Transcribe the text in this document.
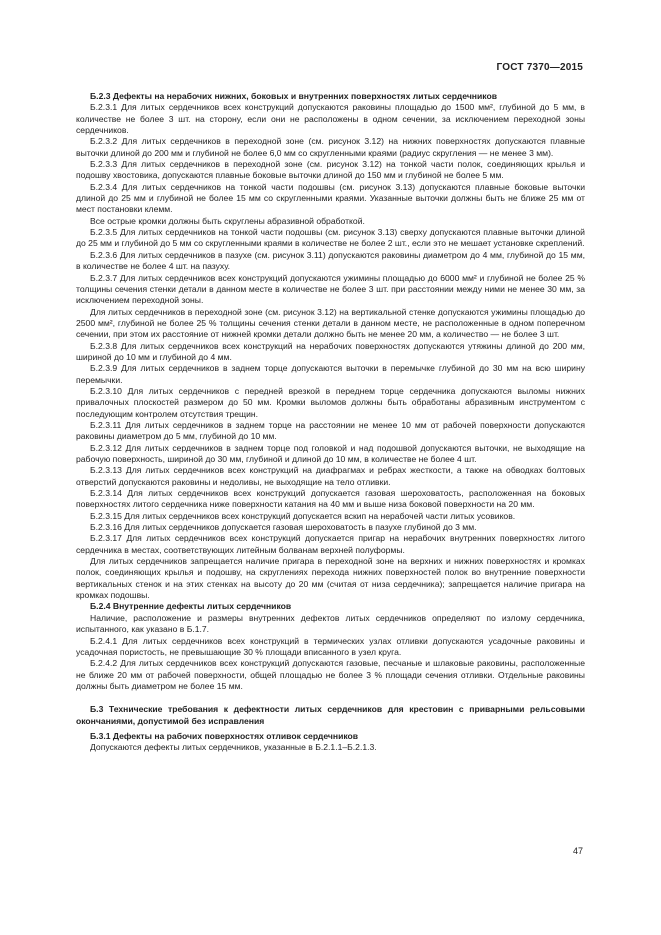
ГОСТ 7370—2015

Б.2.3 Дефекты на нерабочих нижних, боковых и внутренних поверхностях литых сердечников

Б.2.3.1 Для литых сердечников всех конструкций допускаются раковины площадью до 1500 мм², глубиной до 5 мм, в количестве не более 3 шт. на сторону, если они не расположены в одном сечении, за исключением переходной зоны сердечников.

Б.2.3.2 Для литых сердечников в переходной зоне (см. рисунок 3.12) на нижних поверхностях допускаются плавные выточки длиной до 200 мм и глубиной не более 6,0 мм со скругленными краями (радиус скругления — не менее 3 мм).

Б.2.3.3 Для литых сердечников в переходной зоне (см. рисунок 3.12) на тонкой части полок, соединяющих крылья и подошву хвостовика, допускаются плавные боковые выточки длиной до 150 мм и глубиной не более 5 мм.

Б.2.3.4 Для литых сердечников на тонкой части подошвы (см. рисунок 3.13) допускаются плавные боковые выточки длиной до 25 мм и глубиной не более 15 мм со скругленными краями. Указанные выточки должны быть не ближе 25 мм от мест постановки клемм.

Все острые кромки должны быть скруглены абразивной обработкой.

Б.2.3.5 Для литых сердечников на тонкой части подошвы (см. рисунок 3.13) сверху допускаются плавные выточки длиной до 25 мм и глубиной до 5 мм со скругленными краями в количестве не более 2 шт., если это не мешает установке скреплений.

Б.2.3.6 Для литых сердечников в пазухе (см. рисунок 3.11) допускаются раковины диаметром до 4 мм, глубиной до 15 мм, в количестве не более 4 шт. на пазуху.

Б.2.3.7 Для литых сердечников всех конструкций допускаются ужимины площадью до 6000 мм² и глубиной не более 25 % толщины сечения стенки детали в данном месте в количестве не более 3 шт. при расстоянии между ними не менее 30 мм, за исключением переходной зоны.

Для литых сердечников в переходной зоне (см. рисунок 3.12) на вертикальной стенке допускаются ужимины площадью до 2500 мм², глубиной не более 25 % толщины сечения стенки детали в данном месте, не расположенные в одном поперечном сечении, при этом их расстояние от нижней кромки детали должно быть не менее 20 мм, а количество — не более 3 шт.

Б.2.3.8 Для литых сердечников всех конструкций на нерабочих поверхностях допускаются утяжины длиной до 200 мм, шириной до 10 мм и глубиной до 4 мм.

Б.2.3.9 Для литых сердечников в заднем торце допускаются выточки в перемычке глубиной до 30 мм на всю ширину перемычки.

Б.2.3.10 Для литых сердечников с передней врезкой в переднем торце сердечника допускаются выломы нижних привалочных плоскостей размером до 50 мм. Кромки выломов должны быть обработаны абразивным инструментом с последующим контролем отсутствия трещин.

Б.2.3.11 Для литых сердечников в заднем торце на расстоянии не менее 10 мм от рабочей поверхности допускаются раковины диаметром до 5 мм, глубиной до 10 мм.

Б.2.3.12 Для литых сердечников в заднем торце под головкой и над подошвой допускаются выточки, не выходящие на рабочую поверхность, шириной до 30 мм, глубиной и длиной до 10 мм, в количестве не более 4 шт.

Б.2.3.13 Для литых сердечников всех конструкций на диафрагмах и ребрах жесткости, а также на обводках болтовых отверстий допускаются раковины и недоливы, не выходящие на тело отливки.

Б.2.3.14 Для литых сердечников всех конструкций допускается газовая шероховатость, расположенная на боковых поверхностях литого сердечника ниже поверхности катания на 40 мм и выше низа боковой поверхности на 20 мм.

Б.2.3.15 Для литых сердечников всех конструкций допускается вскип на нерабочей части литых усовиков.

Б.2.3.16 Для литых сердечников допускается газовая шероховатость в пазухе глубиной до 3 мм.

Б.2.3.17 Для литых сердечников всех конструкций допускается пригар на нерабочих внутренних поверхностях литого сердечника в местах, соответствующих литейным болванам верхней полуформы.

Для литых сердечников запрещается наличие пригара в переходной зоне на верхних и нижних поверхностях и кромках полок, соединяющих крылья и подошву, на скруглениях перехода нижних поверхностей полок во внутренние поверхности вертикальных стенок и на этих стенках на высоту до 20 мм (считая от низа сердечника); запрещается наличие пригара на кромках подошвы.

Б.2.4 Внутренние дефекты литых сердечников

Наличие, расположение и размеры внутренних дефектов литых сердечников определяют по излому сердечника, испытанного, как указано в Б.1.7.

Б.2.4.1 Для литых сердечников всех конструкций в термических узлах отливки допускаются усадочные раковины и усадочная пористость, не превышающие 30 % площади вписанного в узел круга.

Б.2.4.2 Для литых сердечников всех конструкций допускаются газовые, песчаные и шлаковые раковины, расположенные не ближе 20 мм от рабочей поверхности, общей площадью не более 3 % площади сечения отливки. Отдельные раковины должны быть диаметром не более 15 мм.

Б.3 Технические требования к дефектности литых сердечников для крестовин с приварными рельсовыми окончаниями, допустимой без исправления

Б.3.1 Дефекты на рабочих поверхностях отливок сердечников

Допускаются дефекты литых сердечников, указанные в Б.2.1.1–Б.2.1.3.

47
